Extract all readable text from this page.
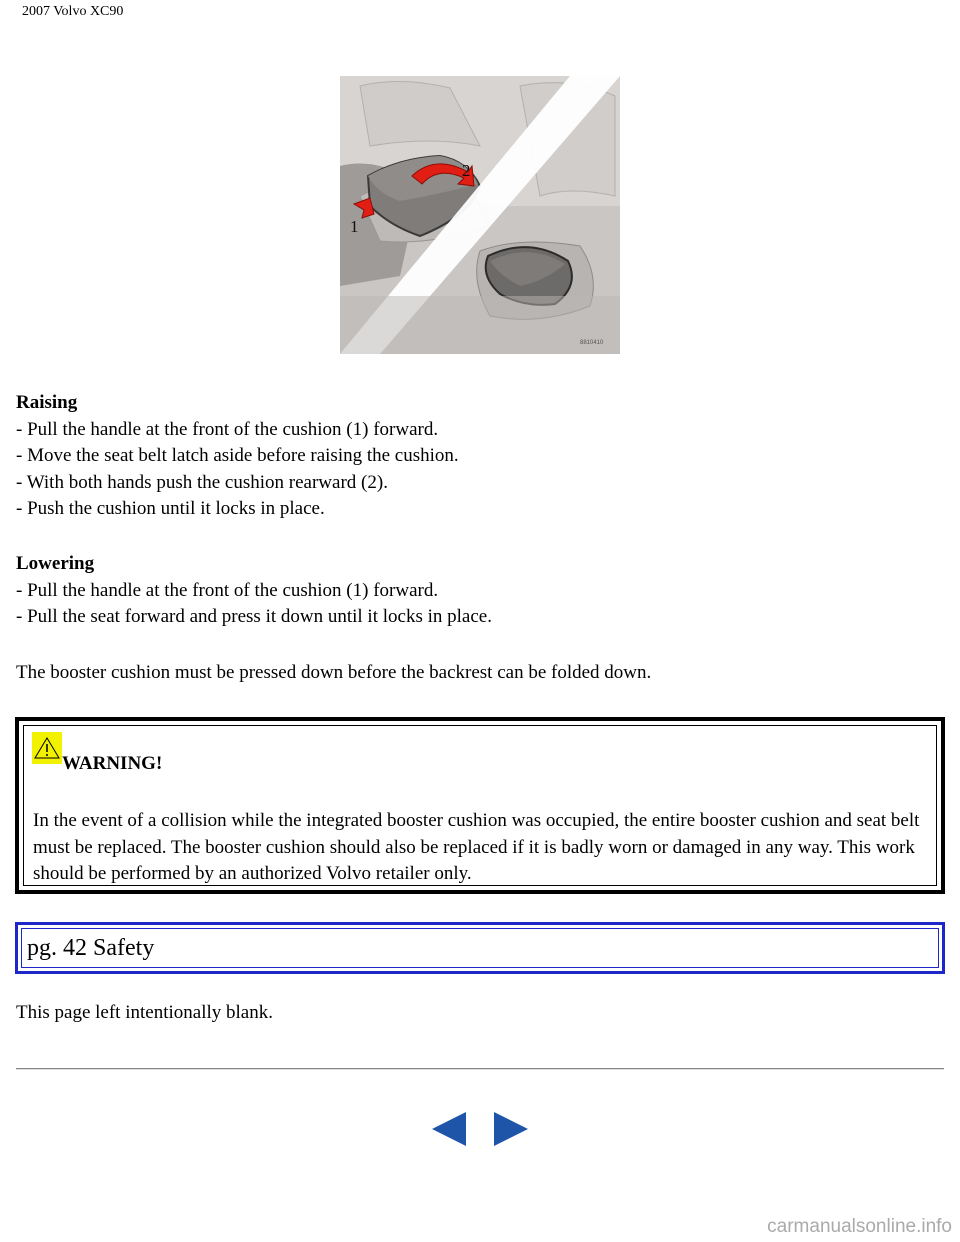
2007 Volvo XC90
2
1
8810410

Raising

- Pull the handle at the front of the cushion (1) forward.

- Move the seat belt latch aside before raising the cushion.

- With both hands push the cushion rearward (2).

- Push the cushion until it locks in place.

Lowering

- Pull the handle at the front of the cushion (1) forward.

- Pull the seat forward and press it down until it locks in place.

The booster cushion must be pressed down before the backrest can be folded down.
WARNING!
In the event of a collision while the integrated booster cushion was occupied, the entire booster cushion and seat belt must be replaced. The booster cushion should also be replaced if it is badly worn or damaged in any way. This work should be performed by an authorized Volvo retailer only.
pg. 42 Safety
This page left intentionally blank.
carmanualsonline.info
